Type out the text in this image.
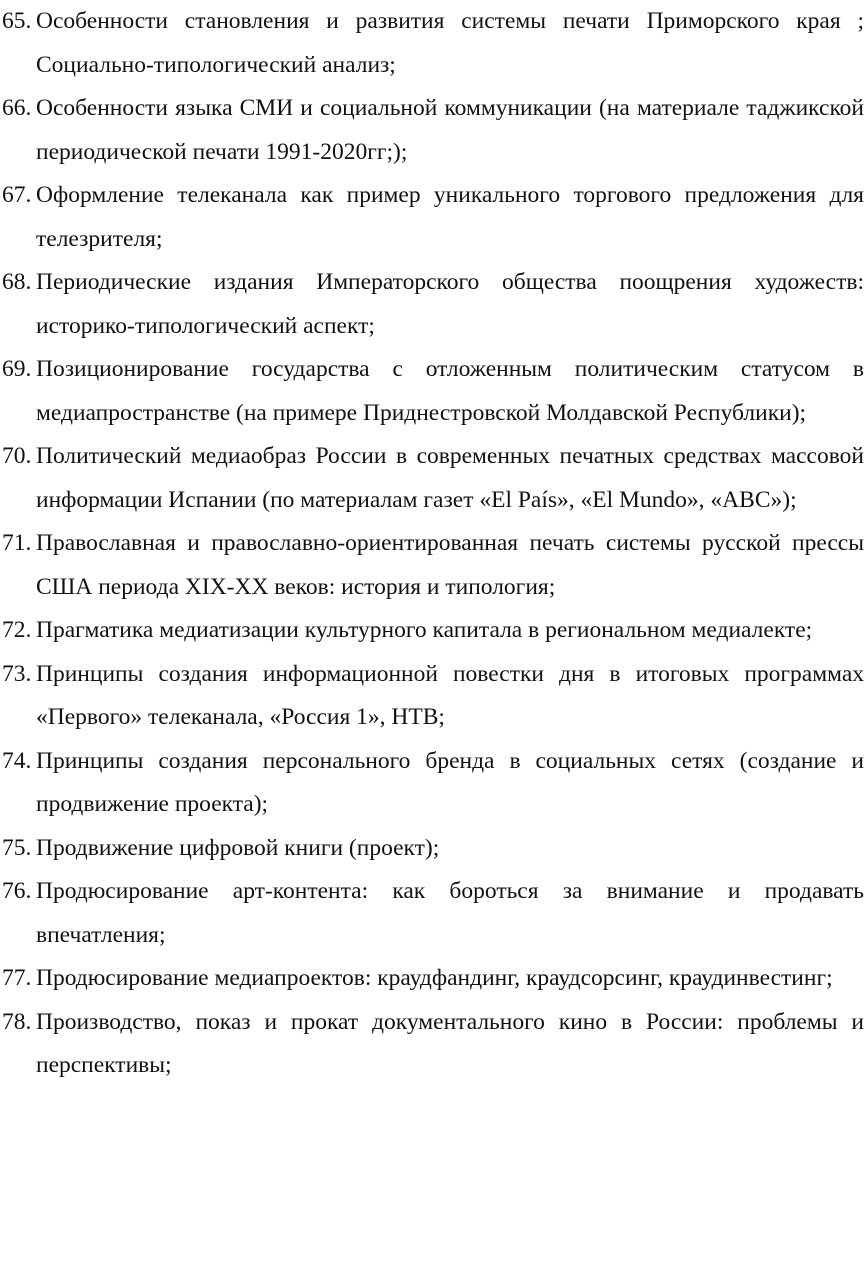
65. Особенности становления и развития системы печати Приморского края ; Социально-типологический анализ;
66. Особенности языка СМИ и социальной коммуникации (на материале таджикской периодической печати 1991-2020гг;);
67. Оформление телеканала как пример уникального торгового предложения для телезрителя;
68. Периодические издания Императорского общества поощрения художеств: историко-типологический аспект;
69. Позиционирование государства с отложенным политическим статусом в медиапространстве (на примере Приднестровской Молдавской Республики);
70. Политический медиаобраз России в современных печатных средствах массовой информации Испании (по материалам газет «El País», «El Mundo», «ABC»);
71. Православная и православно-ориентированная печать системы русской прессы США периода XIX-XX веков: история и типология;
72. Прагматика медиатизации культурного капитала в региональном медиалекте;
73. Принципы создания информационной повестки дня в итоговых программах «Первого» телеканала, «Россия 1», НТВ;
74. Принципы создания персонального бренда в социальных сетях (создание и продвижение проекта);
75. Продвижение цифровой книги (проект);
76. Продюсирование арт-контента: как бороться за внимание и продавать впечатления;
77. Продюсирование медиапроектов: краудфандинг, краудсорсинг, краудинвестинг;
78. Производство, показ и прокат документального кино в России: проблемы и перспективы;
